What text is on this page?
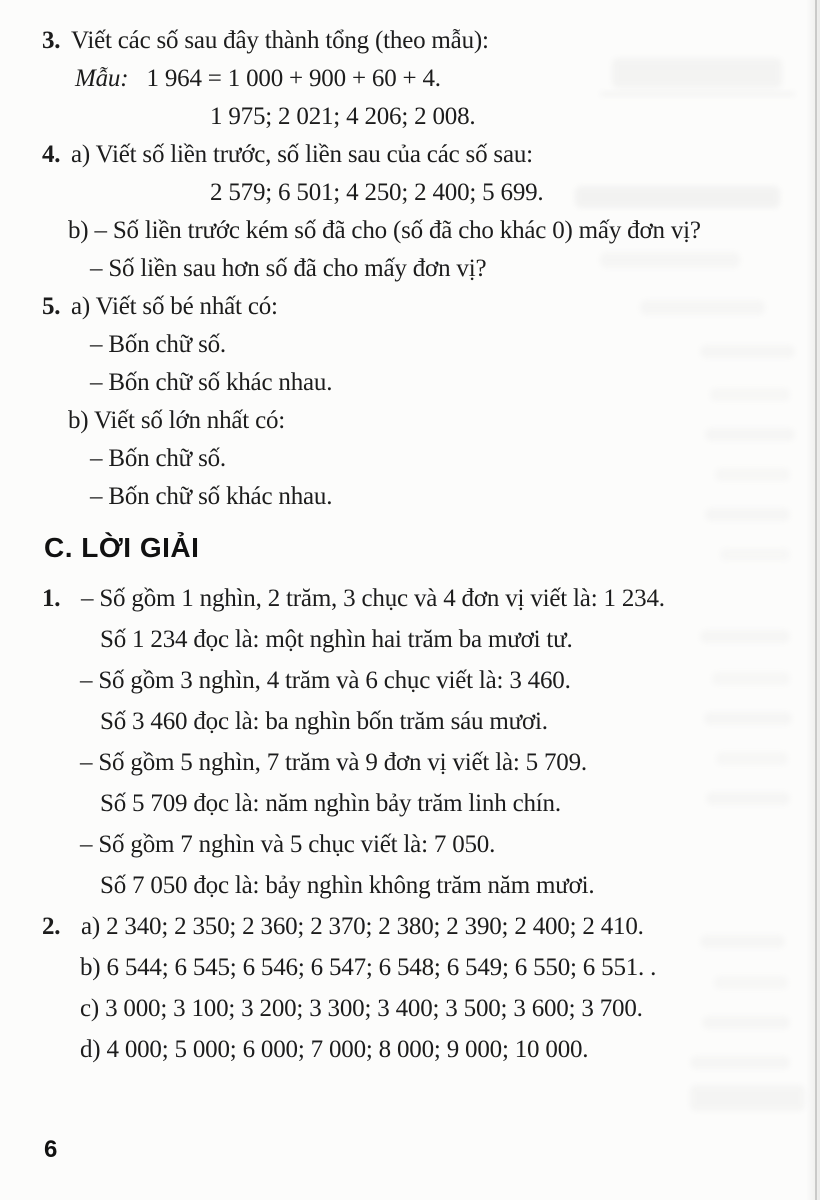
3. Viết các số sau đây thành tổng (theo mẫu):
Mẫu:   1 964 = 1 000 + 900 + 60 + 4.
1 975; 2 021; 4 206; 2 008.
4. a) Viết số liền trước, số liền sau của các số sau:
2 579; 6 501; 4 250; 2 400; 5 699.
b) – Số liền trước kém số đã cho (số đã cho khác 0) mấy đơn vị?
– Số liền sau hơn số đã cho mấy đơn vị?
5. a) Viết số bé nhất có:
– Bốn chữ số.
– Bốn chữ số khác nhau.
b) Viết số lớn nhất có:
– Bốn chữ số.
– Bốn chữ số khác nhau.
C. LỜI GIẢI
1. – Số gồm 1 nghìn, 2 trăm, 3 chục và 4 đơn vị viết là: 1 234.
Số 1 234 đọc là: một nghìn hai trăm ba mươi tư.
– Số gồm 3 nghìn, 4 trăm và 6 chục viết là: 3 460.
Số 3 460 đọc là: ba nghìn bốn trăm sáu mươi.
– Số gồm 5 nghìn, 7 trăm và 9 đơn vị viết là: 5 709.
Số 5 709 đọc là: năm nghìn bảy trăm linh chín.
– Số gồm 7 nghìn và 5 chục viết là: 7 050.
Số 7 050 đọc là: bảy nghìn không trăm năm mươi.
2. a) 2 340; 2 350; 2 360; 2 370; 2 380; 2 390; 2 400; 2 410.
b) 6 544; 6 545; 6 546; 6 547; 6 548; 6 549; 6 550; 6 551. .
c) 3 000; 3 100; 3 200; 3 300; 3 400; 3 500; 3 600; 3 700.
d) 4 000; 5 000; 6 000; 7 000; 8 000; 9 000; 10 000.
6
